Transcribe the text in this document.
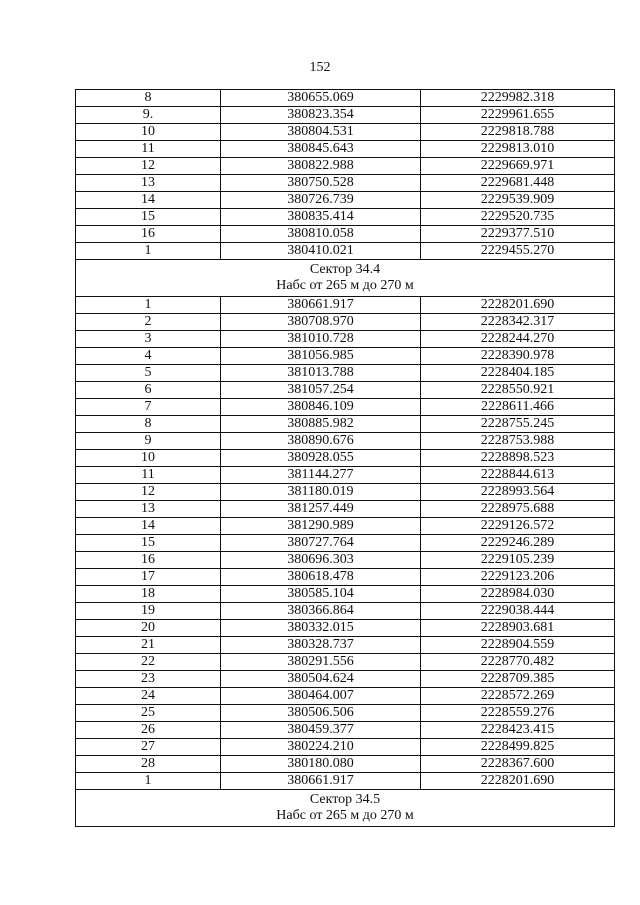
152
8	380655.069	2229982.318
9.	380823.354	2229961.655
10	380804.531	2229818.788
11	380845.643	2229813.010
12	380822.988	2229669.971
13	380750.528	2229681.448
14	380726.739	2229539.909
15	380835.414	2229520.735
16	380810.058	2229377.510
1	380410.021	2229455.270

Сектор 34.4
Набс от 265 м до 270 м		

1	380661.917	2228201.690
2	380708.970	2228342.317
3	381010.728	2228244.270
4	381056.985	2228390.978
5	381013.788	2228404.185
6	381057.254	2228550.921
7	380846.109	2228611.466
8	380885.982	2228755.245
9	380890.676	2228753.988
10	380928.055	2228898.523
11	381144.277	2228844.613
12	381180.019	2228993.564
13	381257.449	2228975.688
14	381290.989	2229126.572
15	380727.764	2229246.289
16	380696.303	2229105.239
17	380618.478	2229123.206
18	380585.104	2228984.030
19	380366.864	2229038.444
20	380332.015	2228903.681
21	380328.737	2228904.559
22	380291.556	2228770.482
23	380504.624	2228709.385
24	380464.007	2228572.269
25	380506.506	2228559.276
26	380459.377	2228423.415
27	380224.210	2228499.825
28	380180.080	2228367.600
1	380661.917	2228201.690

Сектор 34.5
Набс от 265 м до 270 м		
